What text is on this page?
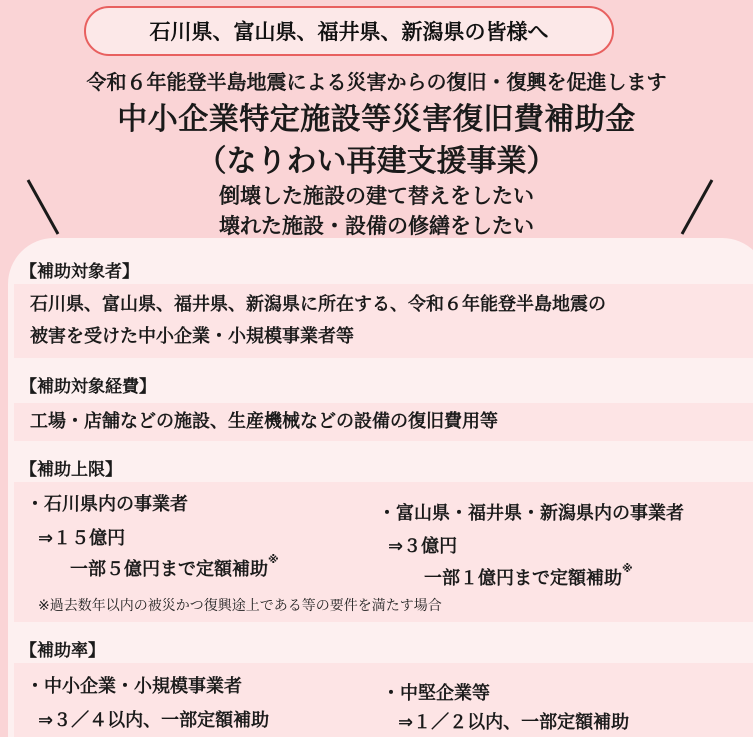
石川県、富山県、福井県、新潟県の皆様へ
令和６年能登半島地震による災害からの復旧・復興を促進します
中小企業特定施設等災害復旧費補助金
（なりわい再建支援事業）
倒壊した施設の建て替えをしたい
壊れた施設・設備の修繕をしたい
【補助対象者】
石川県、富山県、福井県、新潟県に所在する、令和６年能登半島地震の
被害を受けた中小企業・小規模事業者等
【補助対象経費】
工場・店舗などの施設、生産機械などの設備の復旧費用等
【補助上限】
・石川県内の事業者
⇒１５億円
一部５億円まで定額補助※
・富山県・福井県・新潟県内の事業者
⇒３億円
一部１億円まで定額補助※
※過去数年以内の被災かつ復興途上である等の要件を満たす場合
【補助率】
・中小企業・小規模事業者
⇒３／４以内、一部定額補助
・中堅企業等
⇒１／２以内、一部定額補助
